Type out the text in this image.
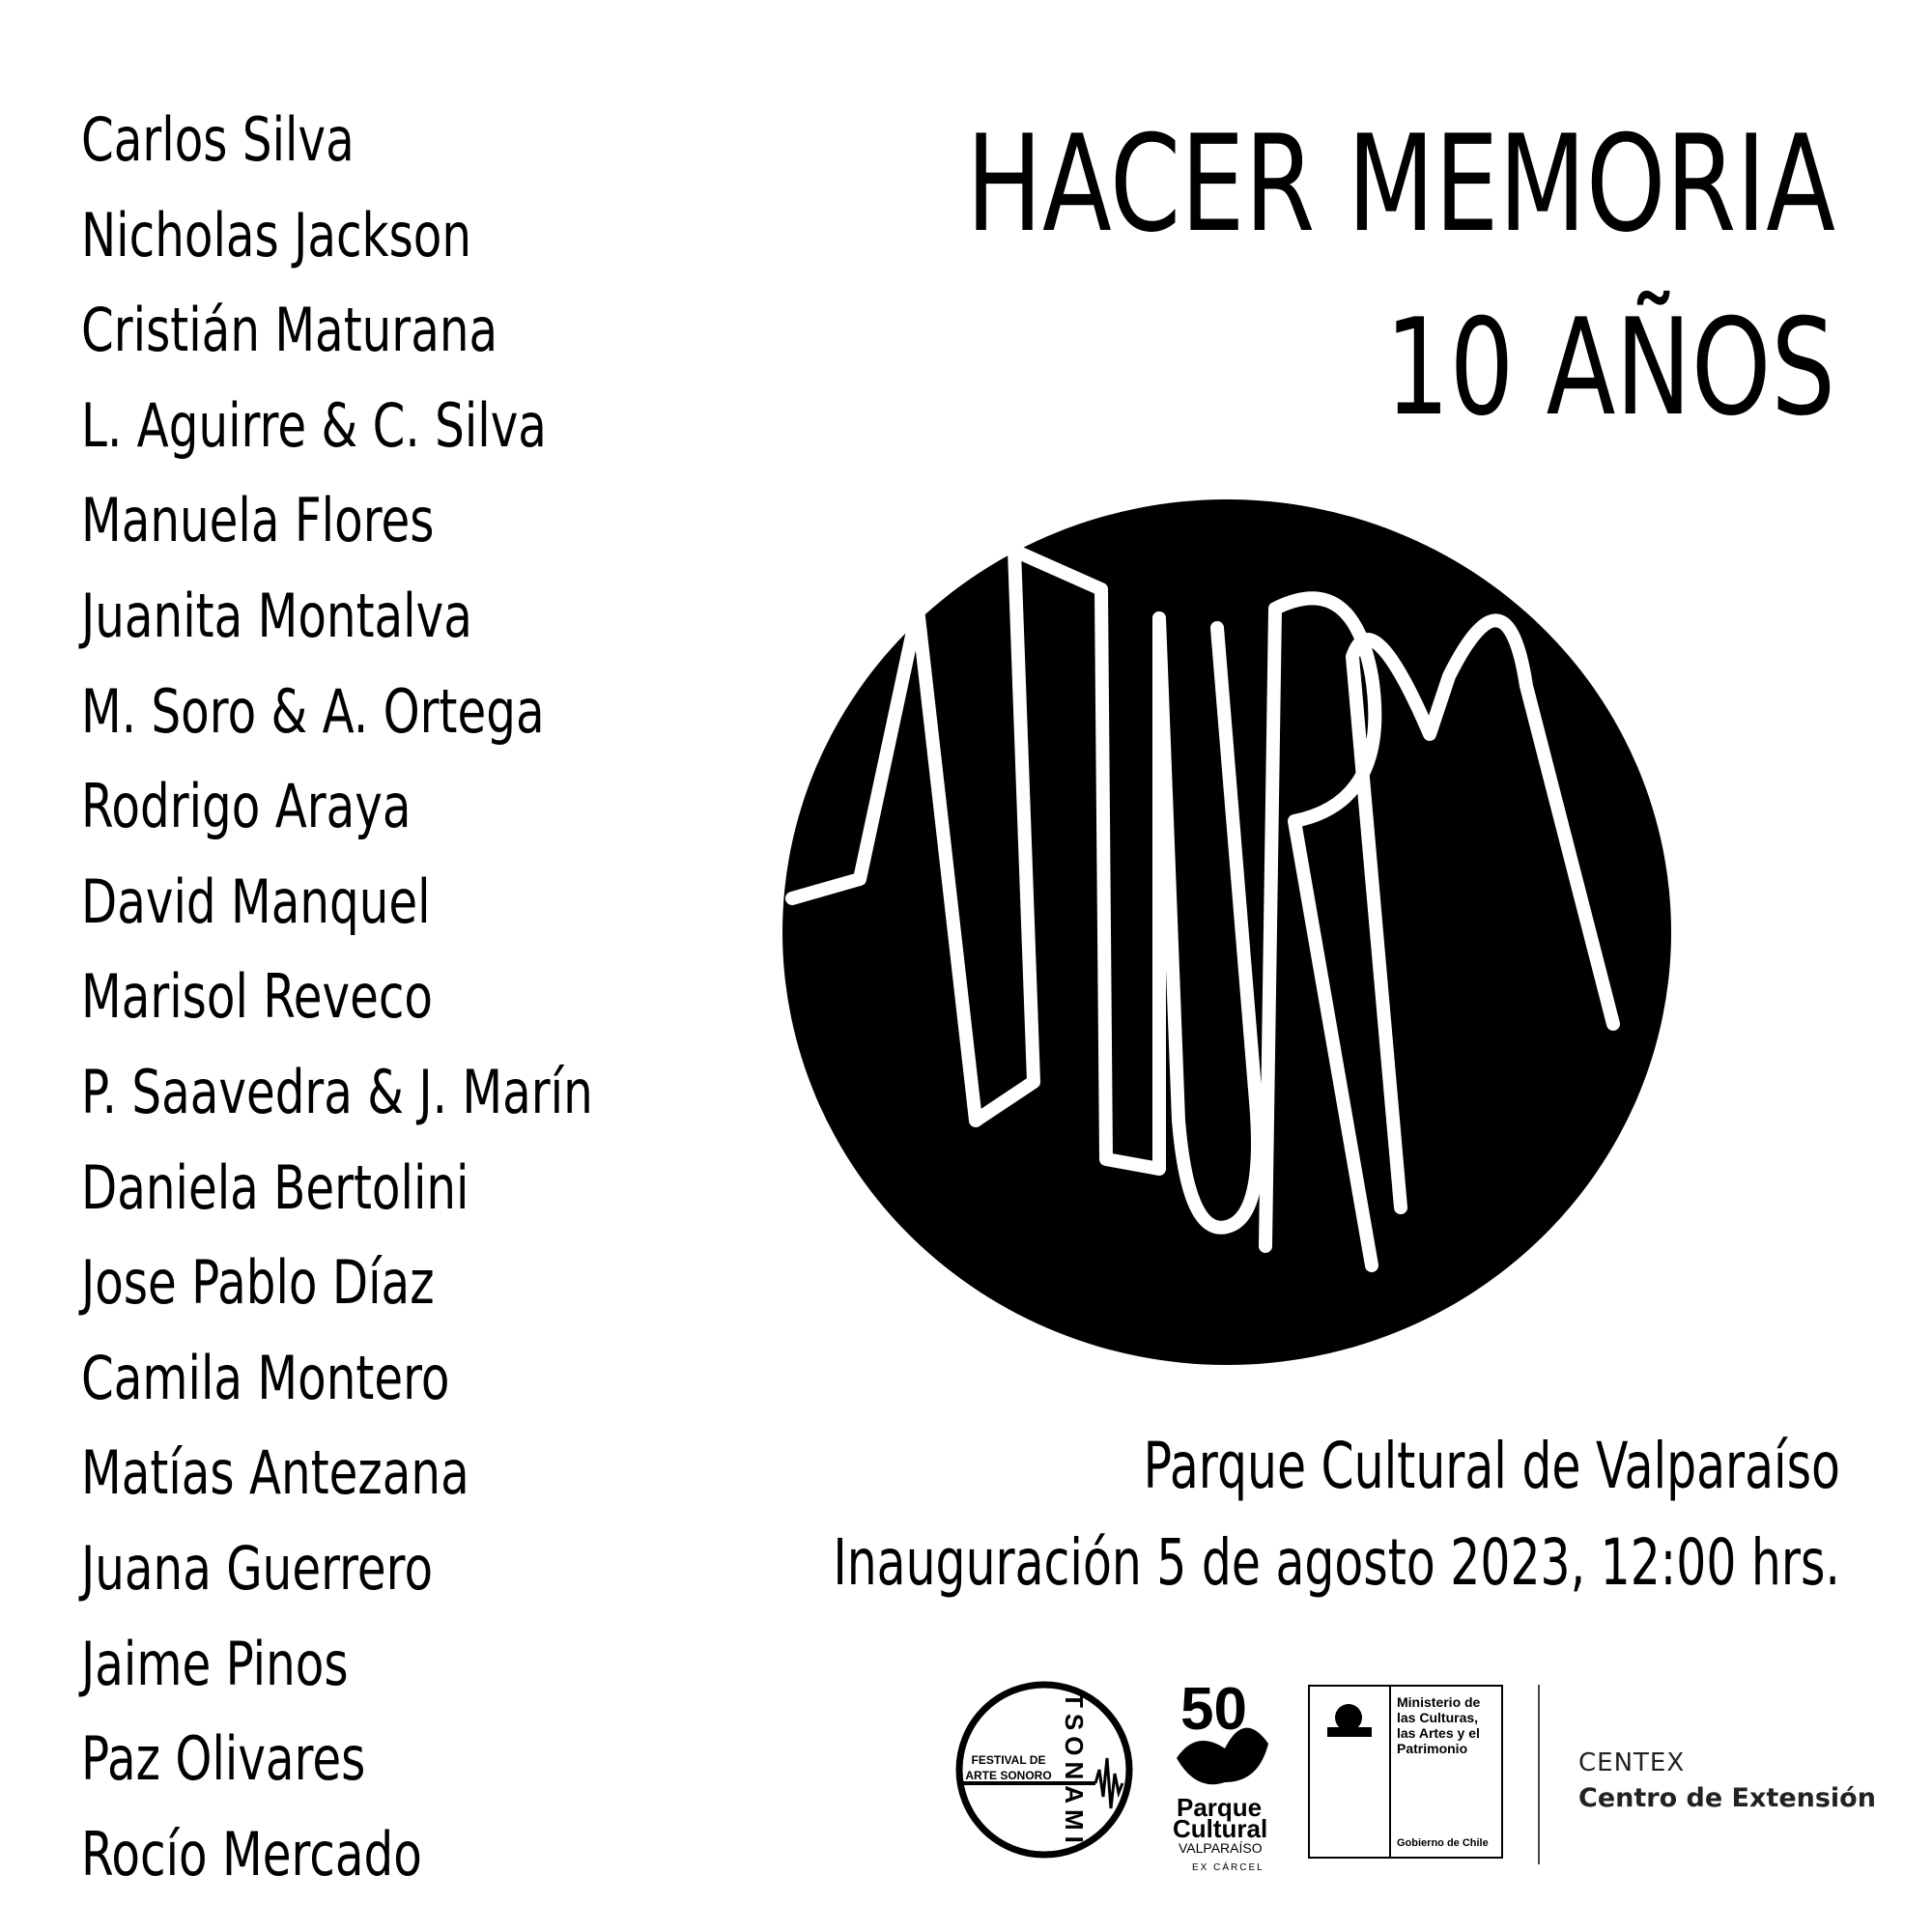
Carlos Silva
Nicholas Jackson
Cristián Maturana
L. Aguirre & C. Silva
Manuela Flores
Juanita Montalva
M. Soro & A. Ortega
Rodrigo Araya
David Manquel
Marisol Reveco
P. Saavedra & J. Marín
Daniela Bertolini
Jose Pablo Díaz
Camila Montero
Matías Antezana
Juana Guerrero
Jaime Pinos
Paz Olivares
Rocío Mercado
HACER MEMORIA
10 AÑOS
Parque Cultural de Valparaíso
Inauguración 5 de agosto 2023, 12:00 hrs.
FESTIVAL DE
ARTE SONORO TSONAMI 50
Parque
Cultural
VALPARAÍSO
EX CÁRCEL
Ministerio de
las Culturas,
las Artes y el
Patrimonio
Gobierno de Chile
CENTEX
Centro de Extensión
